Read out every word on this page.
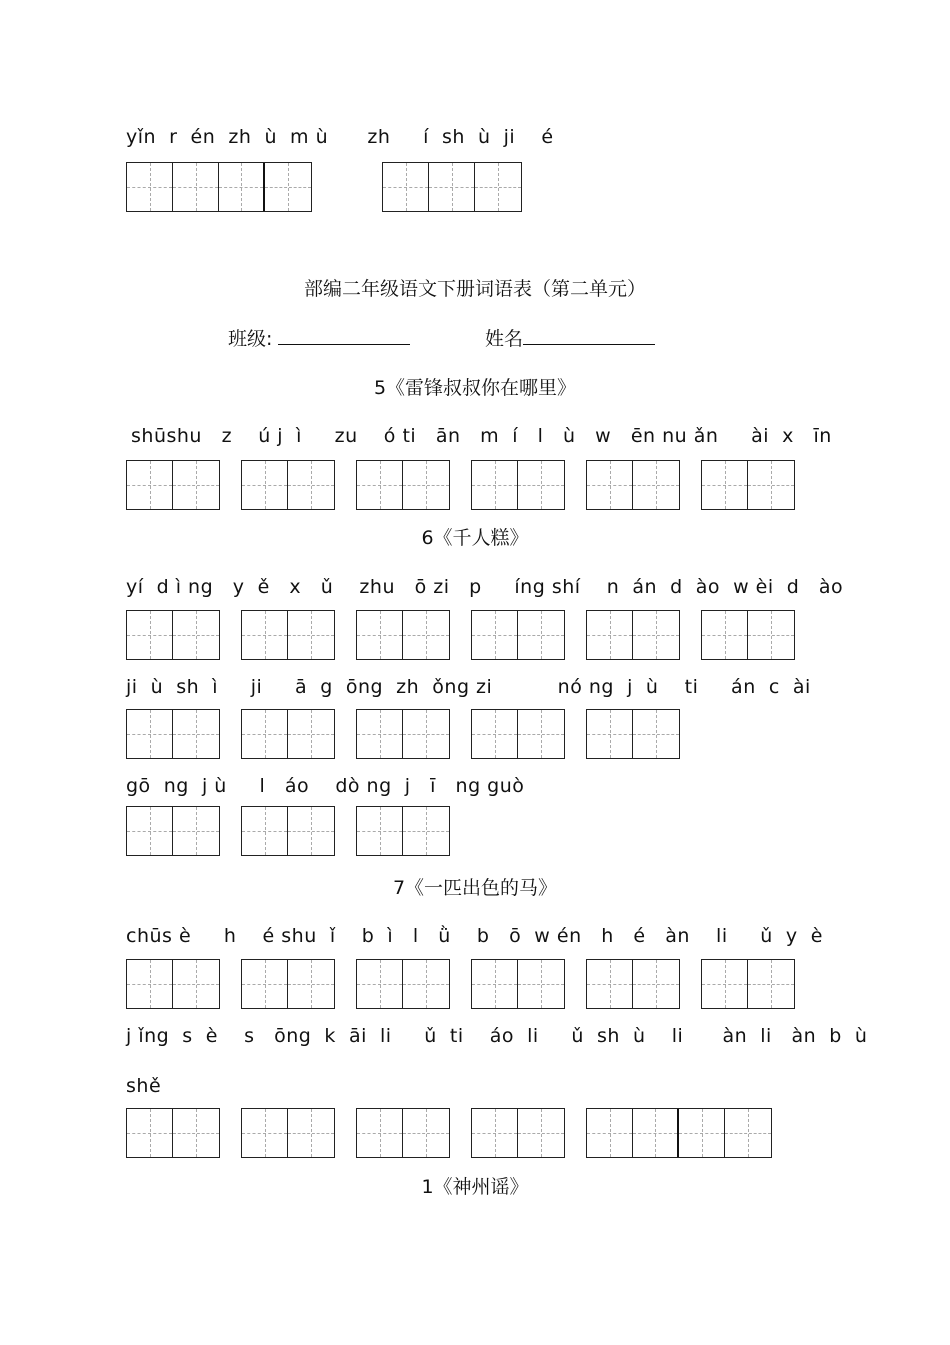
yǐn  r  én  zh  ù  m ù      zh     í  sh  ù  ji    é
部编二年级语文下册词语表（第二单元）
班级:	姓名
5《雷锋叔叔你在哪里》
shūshu   z    ú j  ì     zu    ó ti   ān   m  í   l   ù   w   ēn nu ǎn     ài  x   īn
6《千人糕》
yí  d ì ng   y  ě   x   ǔ    zhu   ō zi   p     íng shí    n  án  d  ào  w èi  d   ào
ji  ù  sh  ì     ji     ā  g  ōng  zh  ǒng zi          nó ng  j  ù    ti     án  c  ài
gō  ng  j ù     l   áo    dò ng  j   ī   ng guò
7《一匹出色的马》
chūs è     h    é shu  ǐ    b  ì   l   ǜ    b   ō  w én   h   é   àn    li     ǔ  y  è
j ǐng  s  è    s   ōng  k  āi  li     ǔ  ti    áo  li     ǔ  sh  ù    li      àn  li   àn  b  ù
shě
1《神州谣》
